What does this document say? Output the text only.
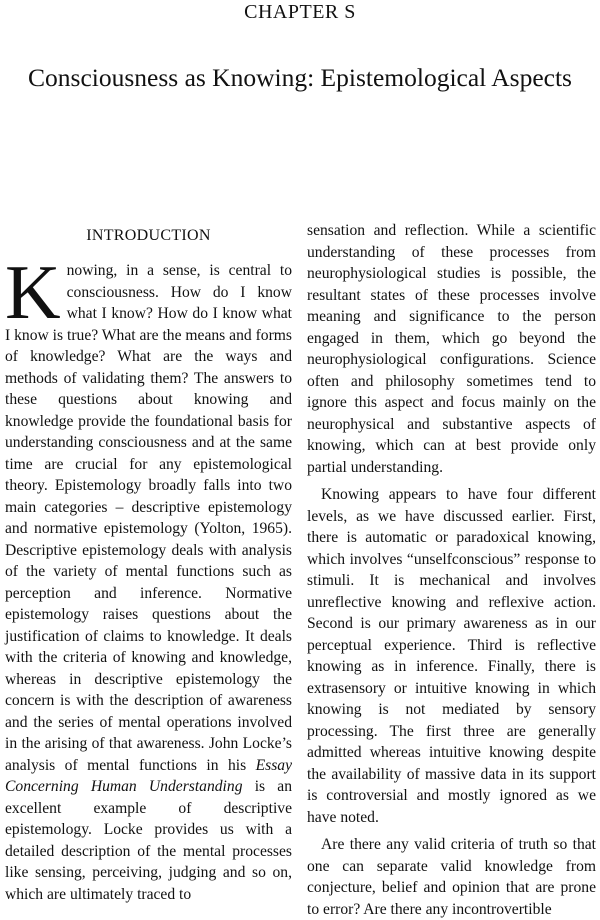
CHAPTER S
Consciousness as Knowing: Epistemological Aspects
INTRODUCTION

Knowing, in a sense, is central to consciousness. How do I know what I know? How do I know what I know is true? What are the means and forms of knowledge? What are the ways and methods of validating them? The answers to these questions about knowing and knowledge provide the foundational basis for understanding consciousness and at the same time are crucial for any epistemological theory. Epistemology broadly falls into two main categories – descriptive epistemology and normative epistemology (Yolton, 1965). Descriptive epistemology deals with analysis of the variety of mental functions such as perception and inference. Normative epistemology raises questions about the justification of claims to knowledge. It deals with the criteria of knowing and knowledge, whereas in descriptive epistemology the concern is with the description of awareness and the series of mental operations involved in the arising of that awareness. John Locke’s analysis of mental functions in his Essay Concerning Human Understanding is an excellent example of descriptive epistemology. Locke provides us with a detailed description of the mental processes like sensing, perceiving, judging and so on, which are ultimately traced to

sensation and reflection. While a scientific understanding of these processes from neurophysiological studies is possible, the resultant states of these processes involve meaning and significance to the person engaged in them, which go beyond the neurophysiological configurations. Science often and philosophy sometimes tend to ignore this aspect and focus mainly on the neurophysical and substantive aspects of knowing, which can at best provide only partial understanding.

Knowing appears to have four different levels, as we have discussed earlier. First, there is automatic or paradoxical knowing, which involves “unselfconscious” response to stimuli. It is mechanical and involves unreflective knowing and reflexive action. Second is our primary awareness as in our perceptual experience. Third is reflective knowing as in inference. Finally, there is extrasensory or intuitive knowing in which knowing is not mediated by sensory processing. The first three are generally admitted whereas intuitive knowing despite the availability of massive data in its support is controversial and mostly ignored as we have noted.

Are there any valid criteria of truth so that one can separate valid knowledge from conjecture, belief and opinion that are prone to error? Are there any incontrovertible
